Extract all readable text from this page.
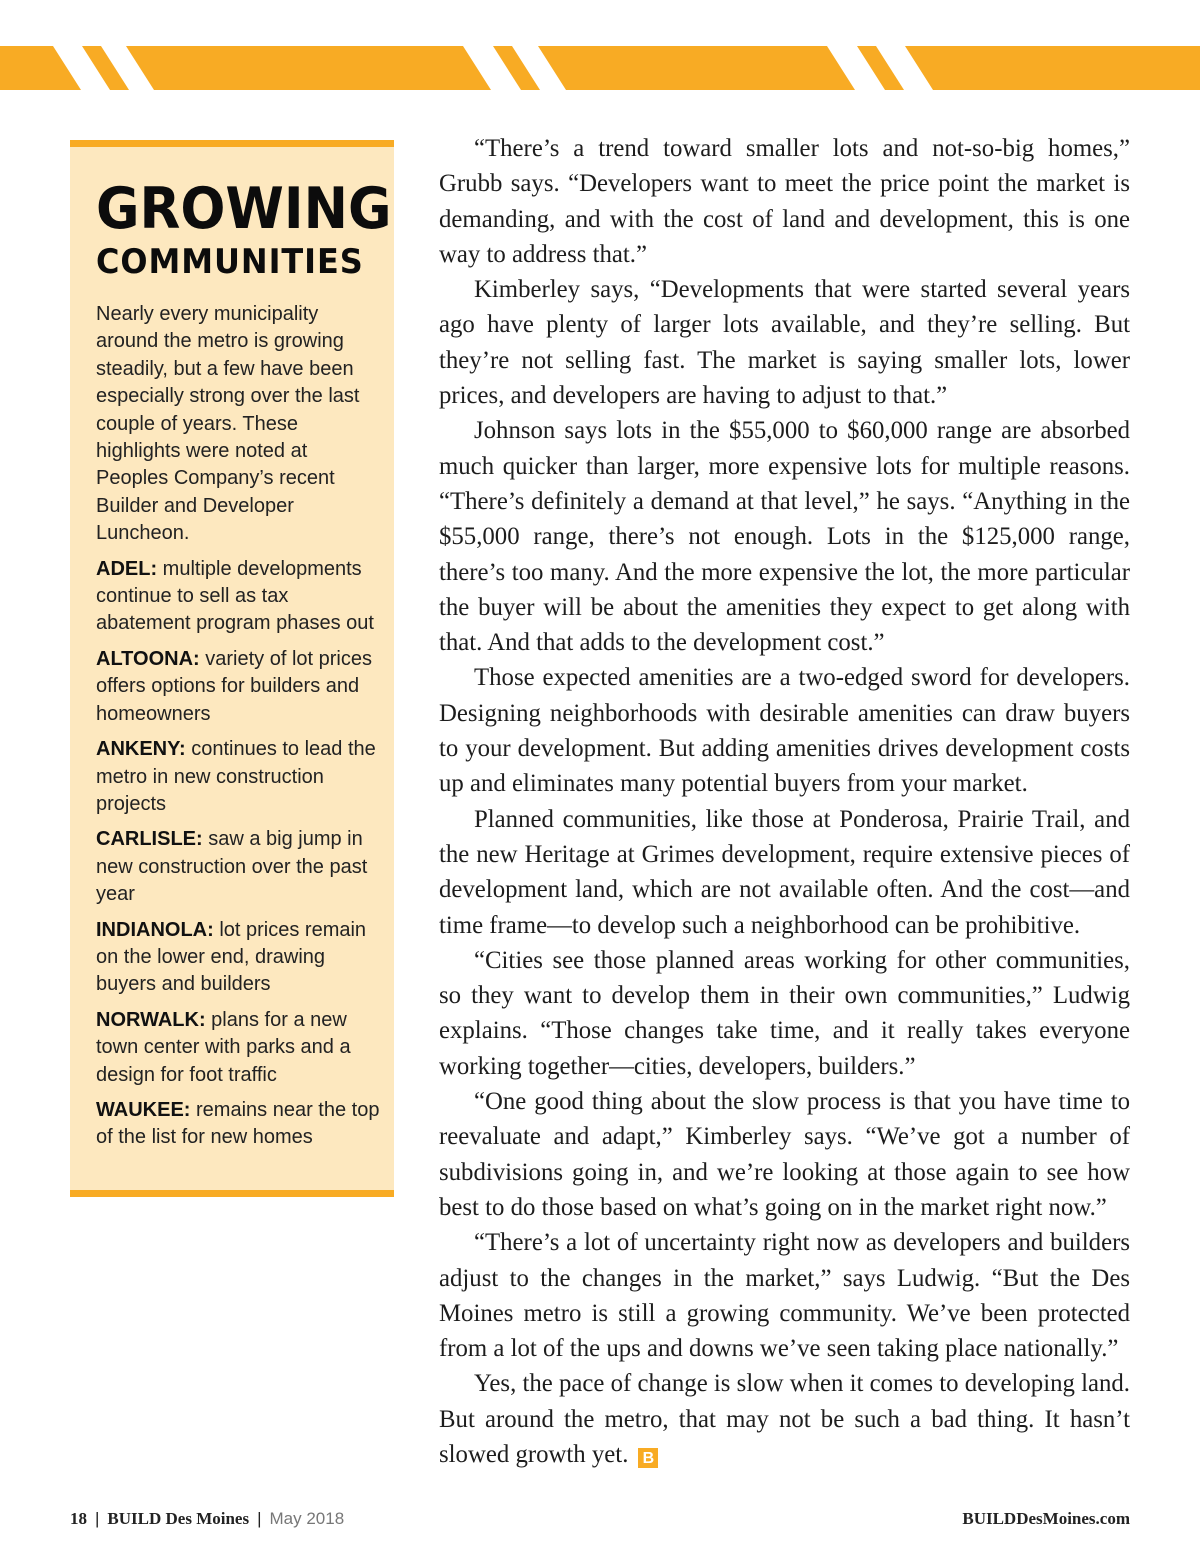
GROWING
COMMUNITIES

Nearly every municipality around the metro is growing steadily, but a few have been especially strong over the last couple of years. These highlights were noted at Peoples Company’s recent Builder and Developer Luncheon.

ADEL: multiple developments continue to sell as tax abatement program phases out

ALTOONA: variety of lot prices offers options for builders and homeowners

ANKENY: continues to lead the metro in new construction projects

CARLISLE: saw a big jump in new construction over the past year

INDIANOLA: lot prices remain on the lower end, drawing buyers and builders

NORWALK: plans for a new town center with parks and a design for foot traffic

WAUKEE: remains near the top of the list for new homes

“There’s a trend toward smaller lots and not-so-big homes,” Grubb says. “Developers want to meet the price point the market is demanding, and with the cost of land and development, this is one way to address that.”

Kimberley says, “Developments that were started several years ago have plenty of larger lots available, and they’re selling. But they’re not selling fast. The market is saying smaller lots, lower prices, and developers are having to adjust to that.”

Johnson says lots in the $55,000 to $60,000 range are absorbed much quicker than larger, more expensive lots for multiple reasons. “There’s definitely a demand at that level,” he says. “Anything in the $55,000 range, there’s not enough. Lots in the $125,000 range, there’s too many. And the more expensive the lot, the more particular the buyer will be about the amenities they expect to get along with that. And that adds to the development cost.”

Those expected amenities are a two-edged sword for developers. Designing neighborhoods with desirable amenities can draw buyers to your development. But adding amenities drives development costs up and eliminates many potential buyers from your market.

Planned communities, like those at Ponderosa, Prairie Trail, and the new Heritage at Grimes development, require extensive pieces of development land, which are not available often. And the cost—and time frame—to develop such a neighborhood can be prohibitive.

“Cities see those planned areas working for other communities, so they want to develop them in their own communities,” Ludwig explains. “Those changes take time, and it really takes everyone working together—cities, developers, builders.”

“One good thing about the slow process is that you have time to reevaluate and adapt,” Kimberley says. “We’ve got a number of subdivisions going in, and we’re looking at those again to see how best to do those based on what’s going on in the market right now.”

“There’s a lot of uncertainty right now as developers and builders adjust to the changes in the market,” says Ludwig. “But the Des Moines metro is still a growing community. We’ve been protected from a lot of the ups and downs we’ve seen taking place nationally.”

Yes, the pace of change is slow when it comes to developing land. But around the metro, that may not be such a bad thing. It hasn’t slowed growth yet. B

18 | BUILD Des Moines | May 2018	BUILDDesMoines.com
